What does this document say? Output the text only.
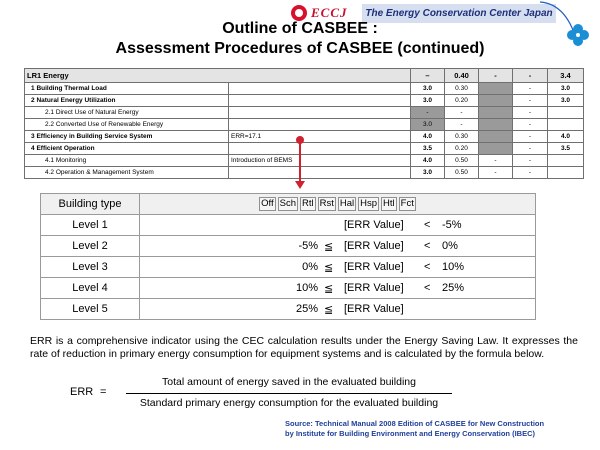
ECCJ	The Energy Conservation Center Japan
Outline of CASBEE :
Assessment Procedures of CASBEE (continued)
LR1 Energy		–	0.40	-	-	3.4
1 Building Thermal Load		3.0	0.30		-	3.0
2 Natural Energy Utilization		3.0	0.20		-	3.0
2.1 Direct Use of Natural Energy		-	-		-	
2.2 Converted Use of Renewable Energy		3.0	-		-	
3 Efficiency in Building Service System	ERR=17.1	4.0	0.30		-	4.0
4 Efficient Operation		3.5	0.20		-	3.5
4.1 Monitoring	Introduction of BEMS	4.0	0.50	-	-	
4.2 Operation & Management System		3.0	0.50	-	-	
Building type	Off Sch Rtl Rst Hal Hsp Htl Fct
Level 1	[ERR Value] < -5%

Level 2	-5% ≦ [ERR Value] < 0%

Level 3	0% ≦ [ERR Value] < 10%

Level 4	10% ≦ [ERR Value] < 25%

Level 5	25% ≦ [ERR Value]
ERR is a comprehensive indicator using the CEC calculation results under the Energy Saving Law. It expresses the rate of reduction in primary energy consumption for equipment systems and is calculated by the formula below.
ERR =
Total amount of energy saved in the evaluated building
Standard primary energy consumption for the evaluated building
Source: Technical Manual 2008 Edition of CASBEE for New Construction
by Institute for Building Environment and Energy Conservation (IBEC)
